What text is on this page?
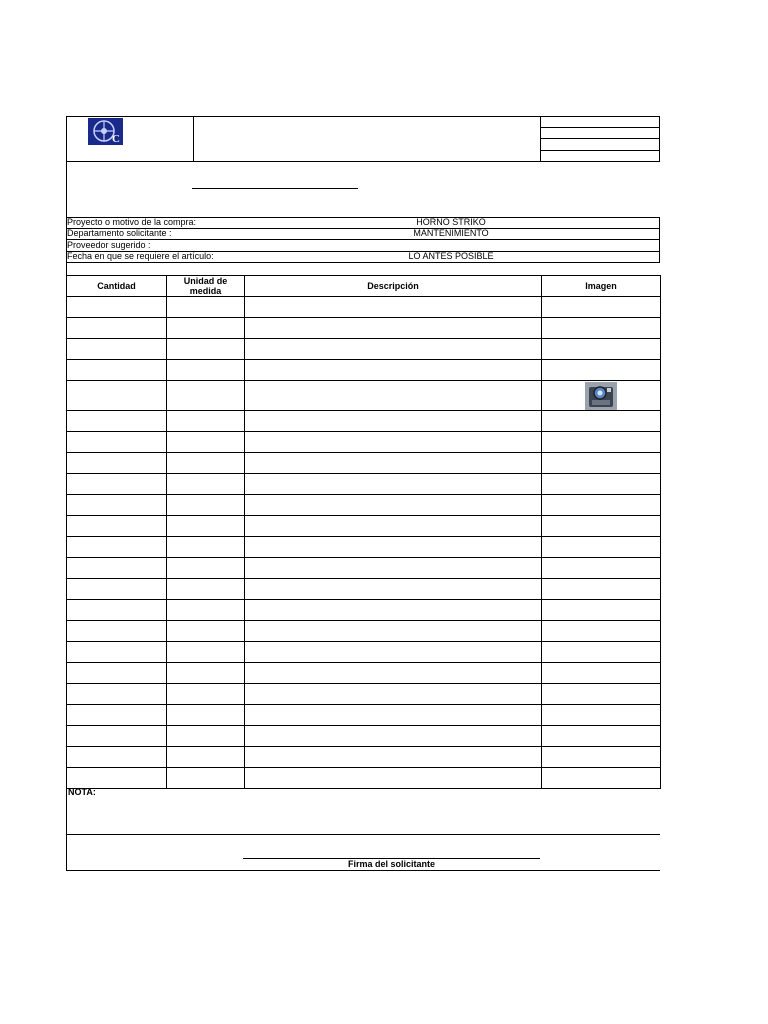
C
Proyecto o motivo de la compra:	HORNO STRIKO
Departamento solicitante :	MANTENIMIENTO
Proveedor sugerido :
Fecha en que se requiere el artículo:	LO ANTES POSIBLE
Cantidad	Unidad de medida	Descripción	Imagen

NOTA:
Firma del solicitante
